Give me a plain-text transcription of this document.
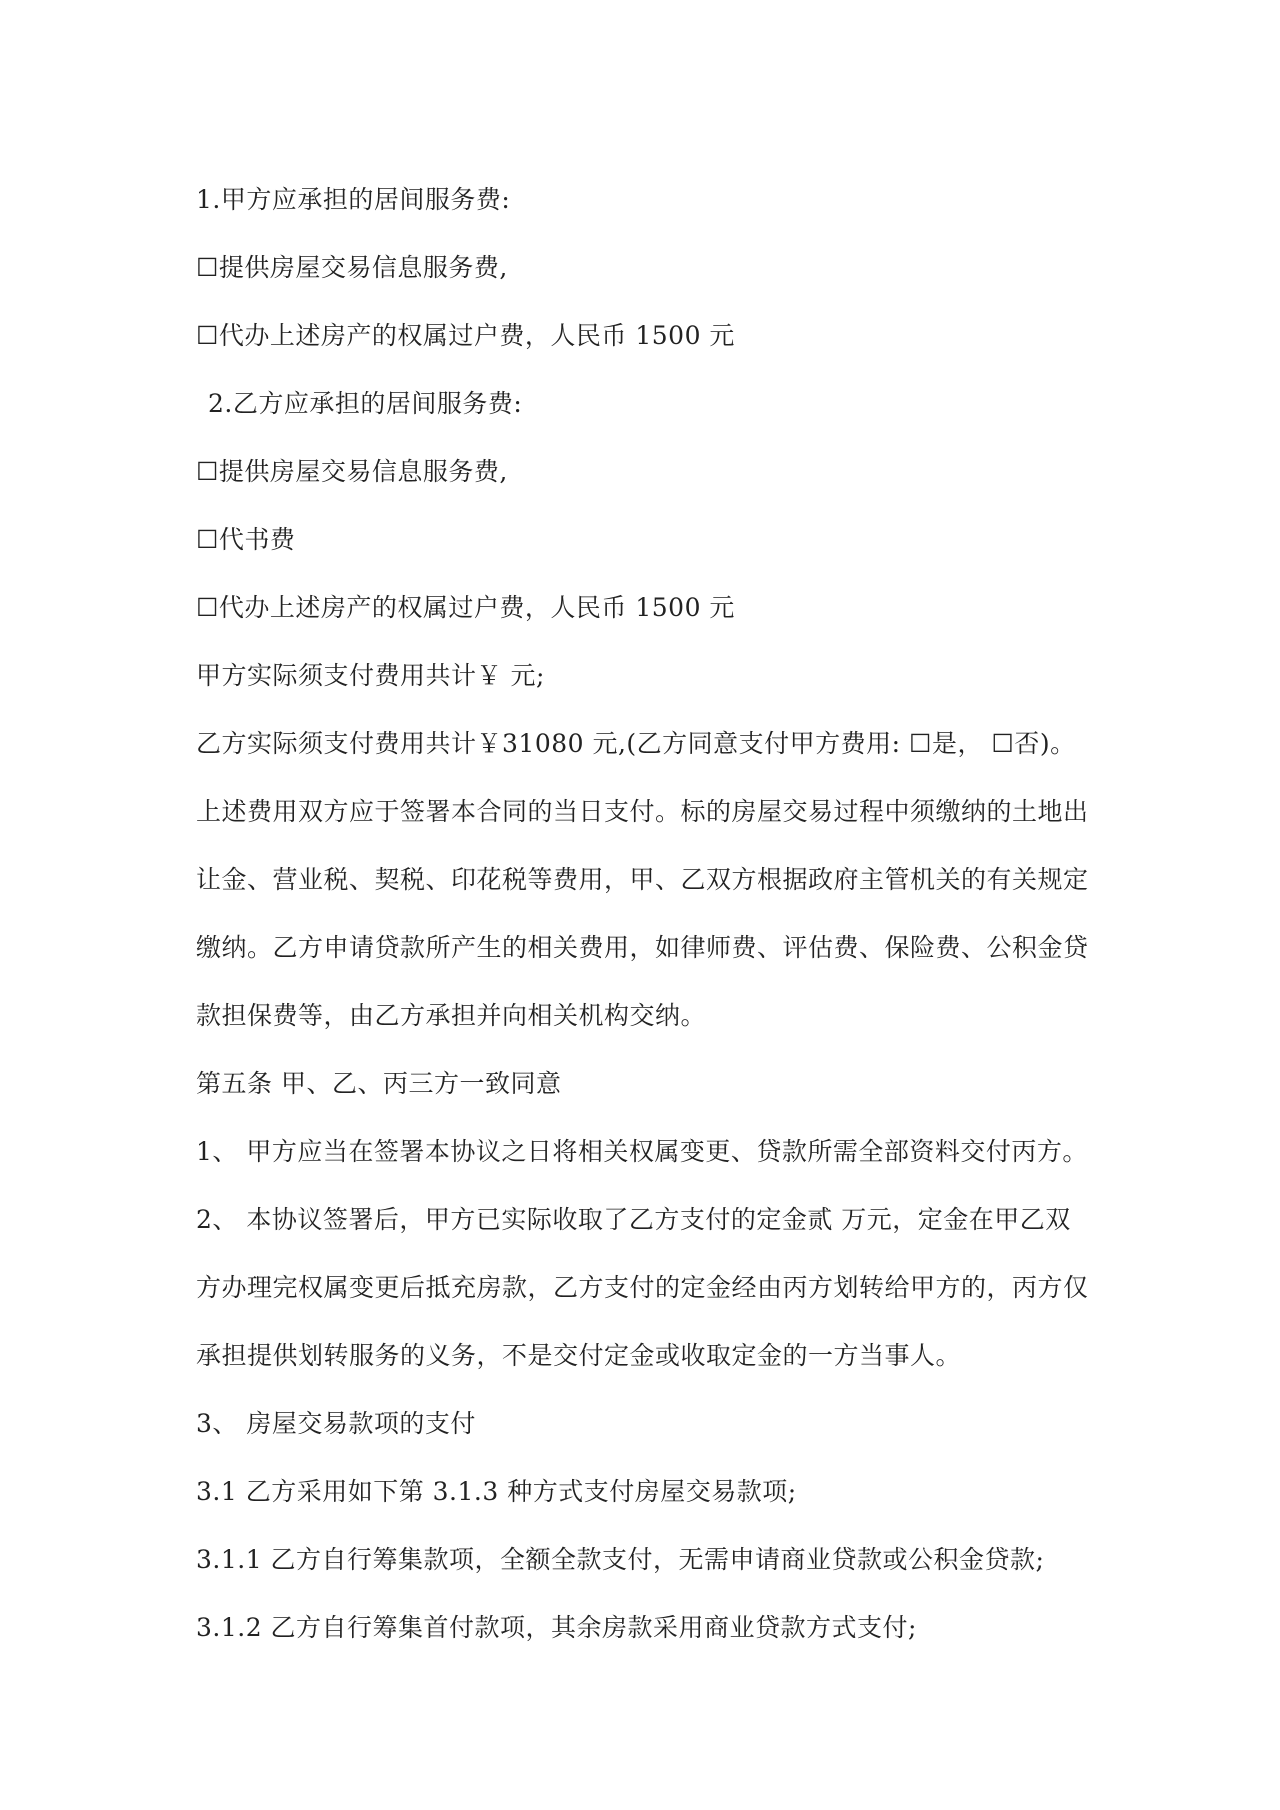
1.甲方应承担的居间服务费:
☐提供房屋交易信息服务费,
☐代办上述房产的权属过户费，人民币 1500 元
2.乙方应承担的居间服务费:
☐提供房屋交易信息服务费,
☐代书费
☐代办上述房产的权属过户费，人民币 1500 元
甲方实际须支付费用共计￥ 元;
乙方实际须支付费用共计￥31080 元,(乙方同意支付甲方费用: ☐是， ☐否)。
上述费用双方应于签署本合同的当日支付。标的房屋交易过程中须缴纳的土地出
让金、营业税、契税、印花税等费用，甲、乙双方根据政府主管机关的有关规定
缴纳。乙方申请贷款所产生的相关费用，如律师费、评估费、保险费、公积金贷
款担保费等，由乙方承担并向相关机构交纳。
第五条 甲、乙、丙三方一致同意
1、 甲方应当在签署本协议之日将相关权属变更、贷款所需全部资料交付丙方。
2、 本协议签署后，甲方已实际收取了乙方支付的定金贰 万元，定金在甲乙双
方办理完权属变更后抵充房款，乙方支付的定金经由丙方划转给甲方的，丙方仅
承担提供划转服务的义务，不是交付定金或收取定金的一方当事人。
3、 房屋交易款项的支付
3.1 乙方采用如下第 3.1.3 种方式支付房屋交易款项;
3.1.1 乙方自行筹集款项，全额全款支付，无需申请商业贷款或公积金贷款;
3.1.2 乙方自行筹集首付款项，其余房款采用商业贷款方式支付;
